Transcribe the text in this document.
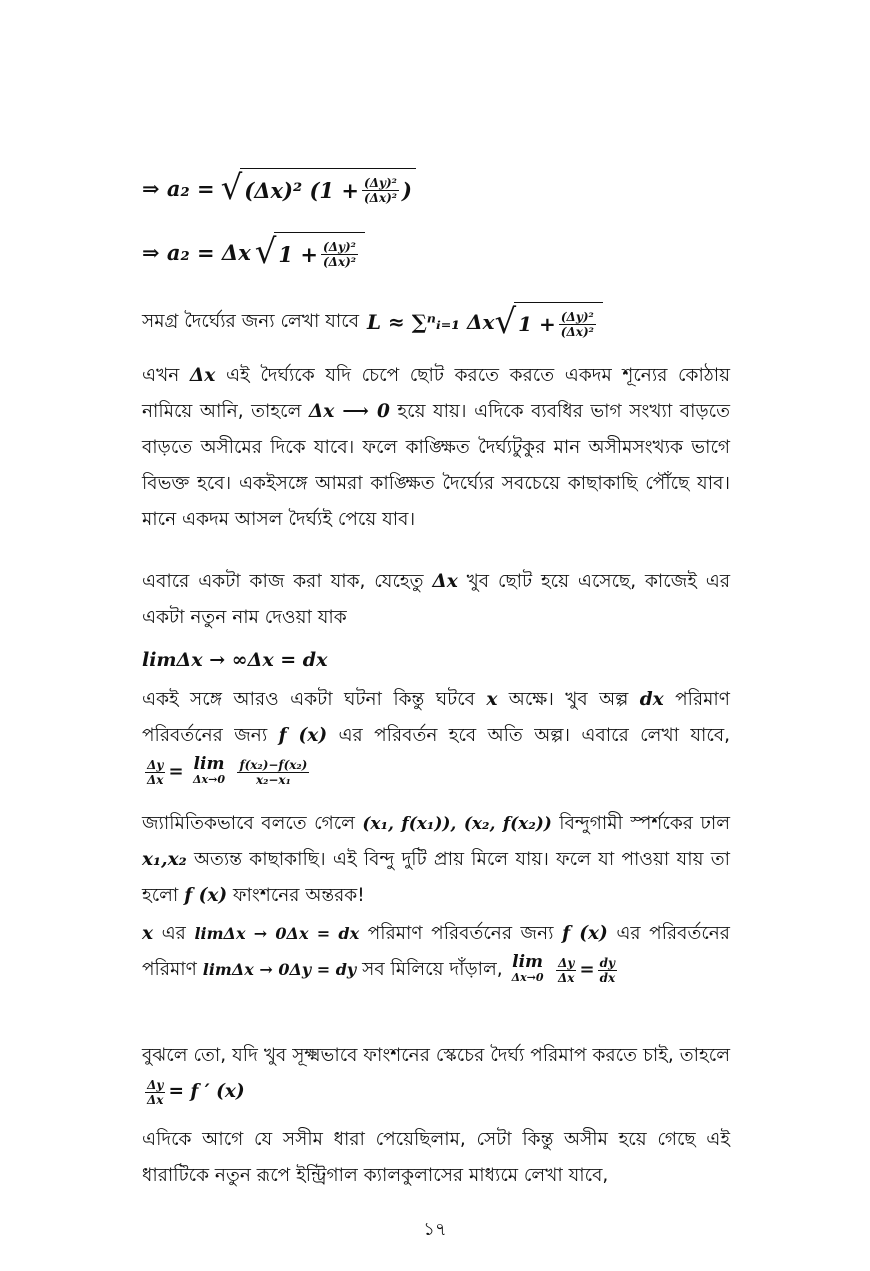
⇒ a₂ = √ (Δx)² ($1 + \frac{\text{(Δy)²}}{\text{(Δx)²}}$ )
⇒ a₂ = Δx √ $1 + \frac{\text{(Δy)²}}{\text{(Δx)²}}$
সমগ্র দৈর্ঘ্যের জন্য লেখা যাবে L ≈ ∑ⁿᵢ₌₁ Δx √ $1 + \frac{\text{(Δy)²}}{\text{(Δx)²}}$
এখন Δx এই দৈর্ঘ্যকে যদি চেপে ছোট করতে করতে একদম শূন্যের কোঠায় নামিয়ে আনি, তাহলে Δx ⟶ 0 হয়ে যায়। এদিকে ব্যবধির ভাগ সংখ্যা বাড়তে বাড়তে অসীমের দিকে যাবে। ফলে কাঙ্ক্ষিত দৈর্ঘ্যটুকুর মান অসীমসংখ্যক ভাগে বিভক্ত হবে। একইসঙ্গে আমরা কাঙ্ক্ষিত দৈর্ঘ্যের সবচেয়ে কাছাকাছি পৌঁছে যাব। মানে একদম আসল দৈর্ঘ্যই পেয়ে যাব।
এবারে একটা কাজ করা যাক, যেহেতু Δx খুব ছোট হয়ে এসেছে, কাজেই এর একটা নতুন নাম দেওয়া যাক
limΔx → ∞Δx = dx
একই সঙ্গে আরও একটা ঘটনা কিন্তু ঘটবে x অক্ষে। খুব অল্প dx পরিমাণ পরিবর্তনের জন্য f (x) এর পরিবর্তন হবে অতি অল্প। এবারে লেখা যাবে,
$\frac{\Delta y}{\Delta x} = \lim$
Δx→0
$\frac{\text{f(x₂)−f(x₂)}}{\text{x₂−x₁}}$
জ্যামিতিকভাবে বলতে গেলে (x₁, f(x₁)), (x₂, f(x₂)) বিন্দুগামী স্পর্শকের ঢাল x₁,x₂ অত্যন্ত কাছাকাছি। এই বিন্দু দুটি প্রায় মিলে যায়। ফলে যা পাওয়া যায় তা হলো f (x) ফাংশনের অন্তরক!
x এর limΔx → 0Δx = dx পরিমাণ পরিবর্তনের জন্য f (x) এর পরিবর্তনের পরিমাণ limΔx → 0Δy = dy সব মিলিয়ে দাঁড়াল, lim
Δx→0
$\frac{\Delta y}{\Delta x} = \frac{dy}{dx}$
বুঝলে তো, যদি খুব সূক্ষ্মভাবে ফাংশনের স্কেচের দৈর্ঘ্য পরিমাপ করতে চাই, তাহলে
$\frac{\Delta y}{\Delta x} = f$ ′ (x)
এদিকে আগে যে সসীম ধারা পেয়েছিলাম, সেটা কিন্তু অসীম হয়ে গেছে এই ধারাটিকে নতুন রূপে ইন্ট্রিগাল ক্যালকুলাসের মাধ্যমে লেখা যাবে,
১৭
